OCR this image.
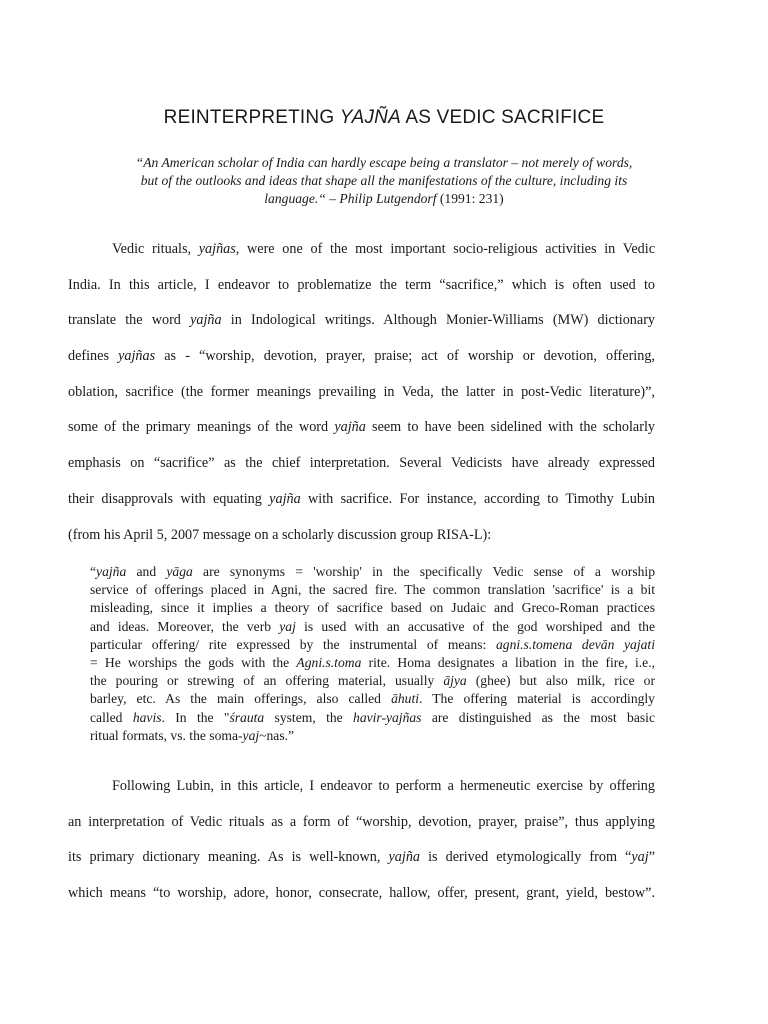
REINTERPRETING YAJÑA AS VEDIC SACRIFICE
“An American scholar of India can hardly escape being a translator – not merely of words,
but of the outlooks and ideas that shape all the manifestations of the culture, including its
language.“ – Philip Lutgendorf (1991: 231)
Vedic rituals, yajñas, were one of the most important socio-religious activities in Vedic
India. In this article, I endeavor to problematize the term “sacrifice,” which is often used to
translate the word yajña in Indological writings. Although Monier-Williams (MW) dictionary
defines yajñas as - “worship, devotion, prayer, praise; act of worship or devotion, offering,
oblation, sacrifice (the former meanings prevailing in Veda, the latter in post-Vedic literature)”,
some of the primary meanings of the word yajña seem to have been sidelined with the scholarly
emphasis on “sacrifice” as the chief interpretation. Several Vedicists have already expressed
their disapprovals with equating yajña with sacrifice. For instance, according to Timothy Lubin
(from his April 5, 2007 message on a scholarly discussion group RISA-L):
“yajña and yāga are synonyms = 'worship' in the specifically Vedic sense of a worship
service of offerings placed in Agni, the sacred fire. The common translation 'sacrifice' is a bit
misleading, since it implies a theory of sacrifice based on Judaic and Greco-Roman practices
and ideas. Moreover, the verb yaj is used with an accusative of the god worshiped and the
particular offering/ rite expressed by the instrumental of means: agni.s.tomena devān yajati
= He worships the gods with the Agni.s.toma rite. Homa designates a libation in the fire, i.e.,
the pouring or strewing of an offering material, usually ājya (ghee) but also milk, rice or
barley, etc. As the main offerings, also called āhuti. The offering material is accordingly
called havis. In the "śrauta system, the havir-yajñas are distinguished as the most basic
ritual formats, vs. the soma-yaj~nas.”
Following Lubin, in this article, I endeavor to perform a hermeneutic exercise by offering
an interpretation of Vedic rituals as a form of “worship, devotion, prayer, praise”, thus applying
its primary dictionary meaning. As is well-known, yajña is derived etymologically from “yaj”
which means “to worship, adore, honor, consecrate, hallow, offer, present, grant, yield, bestow”.
